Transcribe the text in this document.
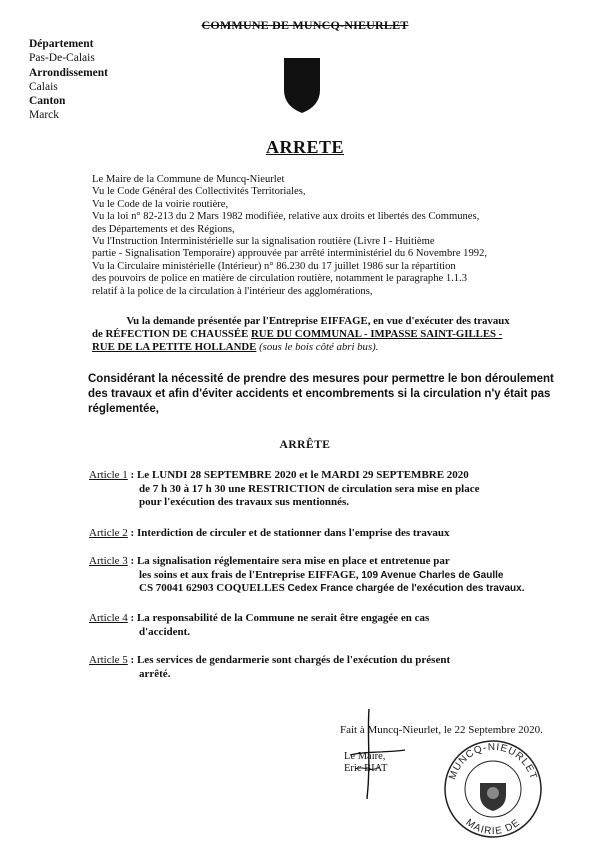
COMMUNE DE MUNCQ-NIEURLET
Département
Pas-De-Calais
Arrondissement
Calais
Canton
Marck
ARRETE
Le Maire de la Commune de Muncq-Nieurlet
Vu le Code Général des Collectivités Territoriales,
Vu le Code de la voirie routière,
Vu la loi n° 82-213 du 2 Mars 1982 modifiée, relative aux droits et libertés des Communes,
des Départements et des Régions,
Vu l'Instruction Interministérielle sur la signalisation routière (Livre I - Huitième
partie - Signalisation Temporaire) approuvée par arrêté interministériel du 6 Novembre 1992,
Vu la Circulaire ministérielle (Intérieur) n° 86.230 du 17 juillet 1986 sur la répartition
des pouvoirs de police en matière de circulation routière, notamment le paragraphe 1.1.3
relatif à la police de la circulation à l'intérieur des agglomérations,
Vu la demande présentée par l'Entreprise EIFFAGE, en vue d'exécuter des travaux
de RÉFECTION DE CHAUSSÉE RUE DU COMMUNAL - IMPASSE SAINT-GILLES -
RUE DE LA PETITE HOLLANDE (sous le bois côté abri bus).
Considérant la nécessité de prendre des mesures pour permettre le bon déroulement des travaux et afin d'éviter accidents et encombrements si la circulation n'y était pas réglementée,
ARRÊTE
Article 1 : Le LUNDI 28 SEPTEMBRE 2020 et le MARDI 29 SEPTEMBRE 2020
de 7 h 30 à 17 h 30 une RESTRICTION de circulation sera mise en place
pour l'exécution des travaux sus mentionnés.
Article 2 : Interdiction de circuler et de stationner dans l'emprise des travaux
Article 3 : La signalisation réglementaire sera mise en place et entretenue par
les soins et aux frais de l'Entreprise EIFFAGE, 109 Avenue Charles de Gaulle
CS 70041 62903 COQUELLES Cedex France chargée de l'exécution des travaux.
Article 4 : La responsabilité de la Commune ne serait être engagée en cas
d'accident.
Article 5 : Les services de gendarmerie sont chargés de l'exécution du présent
arrêté.
Fait à Muncq-Nieurlet, le 22 Septembre 2020.
Le Maire,
Eric BIAT
MUNCQ-NIEURLET
MAIRIE DE
